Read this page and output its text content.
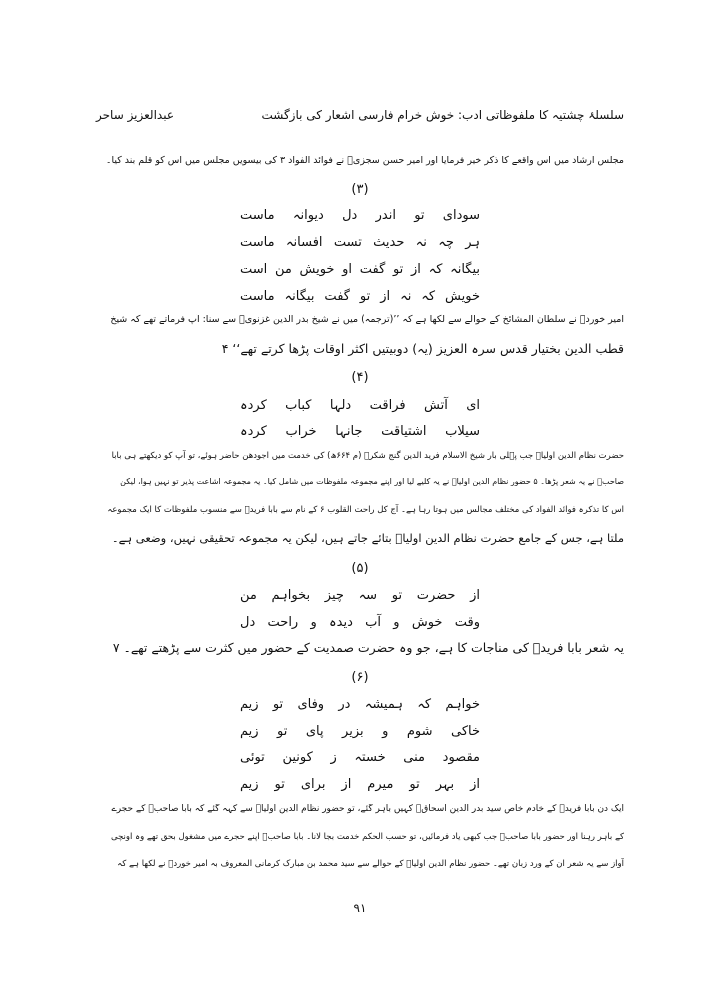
عبدالعزیز ساحر	سلسلۂ چشتیہ کا ملفوظاتی ادب: خوش خرام فارسی اشعار کی بازگشت
مجلس ارشاد میں اس واقعے کا ذکر خیر فرمایا اور امیر حسن سجزیؒ نے فوائد الفواد ۳ کی بیسویں مجلس میں اس کو قلم بند کیا۔
(۳)
سودای تو اندر دل دیوانہ ماست
ہر چہ نہ حدیث تست افسانہ ماست
بیگانہ کہ از تو گفت او خویش من است
خویش کہ نہ از تو گفت بیگانہ ماست
امیر خوردؒ نے سلطان المشائخ کے حوالے سے لکھا ہے کہ ’’(ترجمہ) میں نے شیخ بدر الدین غزنویؒ سے سنا: آپ فرماتے تھے کہ شیخ
قطب الدین بختیار قدس سرہ العزیز (یہ) دوبیتیں اکثر اوقات پڑھا کرتے تھے‘‘ ۴
(۴)
ای آتش فراقت دلہا کباب کردہ
سیلاب اشتیاقت جانہا خراب کردہ
حضرت نظام الدین اولیاؒ جب پہلی بار شیخ الاسلام فرید الدین گنج شکرؒ (م ۶۶۴ھ) کی خدمت میں اجودھن حاضر ہوئے، تو آپ کو دیکھتے ہی بابا
صاحبؒ نے یہ شعر پڑھا۔ ۵ حضور نظام الدین اولیاؒ نے یہ کلیے لیا اور اپنے مجموعہ ملفوظات میں شامل کیا۔ یہ مجموعہ اشاعت پذیر تو نہیں ہوا، لیکن
اس کا تذکرہ فوائد الفواد کی مختلف مجالس میں ہوتا رہا ہے۔ آج کل راحت القلوب ۶ کے نام سے بابا فریدؒ سے منسوب ملفوظات کا ایک مجموعہ
ملتا ہے، جس کے جامع حضرت نظام الدین اولیاؒ بتائے جاتے ہیں، لیکن یہ مجموعہ تحقیقی نہیں، وضعی ہے۔
(۵)
از حضرت تو سہ چیز بخواہم من
وقت خوش و آب دیدہ و راحت دل
یہ شعر بابا فریدؒ کی مناجات کا ہے، جو وہ حضرت صمدیت کے حضور میں کثرت سے پڑھتے تھے۔ ۷
(۶)
خواہم کہ ہمیشہ در وفای تو زیم
خاکی شوم و بزیر پای تو زیم
مقصود منی خستہ ز کونین توئی
از بہر تو میرم از برای تو زیم
ایک دن بابا فریدؒ کے خادم خاص سید بدر الدین اسحاقؒ کہیں باہر گئے، تو حضور نظام الدین اولیاؒ سے کہہ گئے کہ بابا صاحبؒ کے حجرے
کے باہر رہنا اور حضور بابا صاحبؒ جب کبھی یاد فرمائیں، تو حسب الحکم خدمت بجا لانا۔ بابا صاحبؒ اپنے حجرے میں مشغول بحق تھے وہ اونچی
آواز سے یہ شعر ان کے ورد زبان تھے۔ حضور نظام الدین اولیاؒ کے حوالے سے سید محمد بن مبارک کرمانی المعروف بہ امیر خوردؒ نے لکھا ہے کہ
۹۱
